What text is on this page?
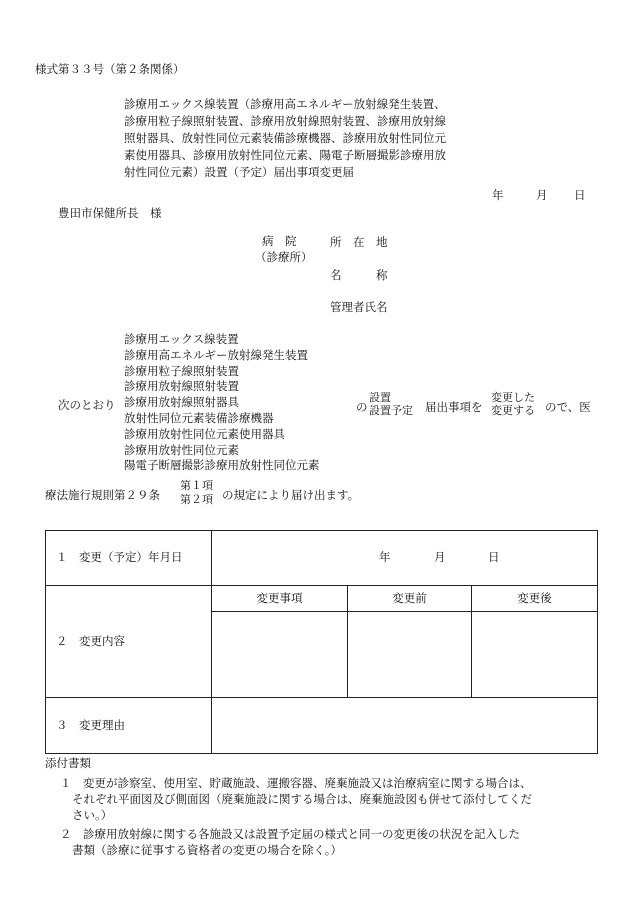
様式第３３号（第２条関係）
診療用エックス線装置（診療用高エネルギー放射線発生装置、
診療用粒子線照射装置、診療用放射線照射装置、診療用放射線
照射器具、放射性同位元素装備診療機器、診療用放射性同位元
素使用器具、診療用放射性同位元素、陽電子断層撮影診療用放
射性同位元素）設置（予定）届出事項変更届
年	月 日
豊田市保健所長　様
病　院
（診療所）
所　在　地
名　　　称
管理者氏名
次のとおり
診療用エックス線装置
診療用高エネルギー放射線発生装置
診療用粒子線照射装置
診療用放射線照射装置
診療用放射線照射器具
放射性同位元素装備診療機器
診療用放射性同位元素使用器具
診療用放射性同位元素
陽電子断層撮影診療用放射性同位元素
の
設置
設置予定 届出事項を
変更した
変更する ので、医
療法施行規則第２９条
第１項
第２項 の規定により届け出ます。
１　変更（予定）年月日	年 月 日		

２　変更内容	変更事項	変更前	変更後

３　変更理由			
添付書類
１　変更が診察室、使用室、貯蔵施設、運搬容器、廃棄施設又は治療病室に関する場合は、
それぞれ平面図及び側面図（廃棄施設に関する場合は、廃棄施設図も併せて添付してくだ
さい。）
２　診療用放射線に関する各施設又は設置予定届の様式と同一の変更後の状況を記入した
書類（診療に従事する資格者の変更の場合を除く。）
